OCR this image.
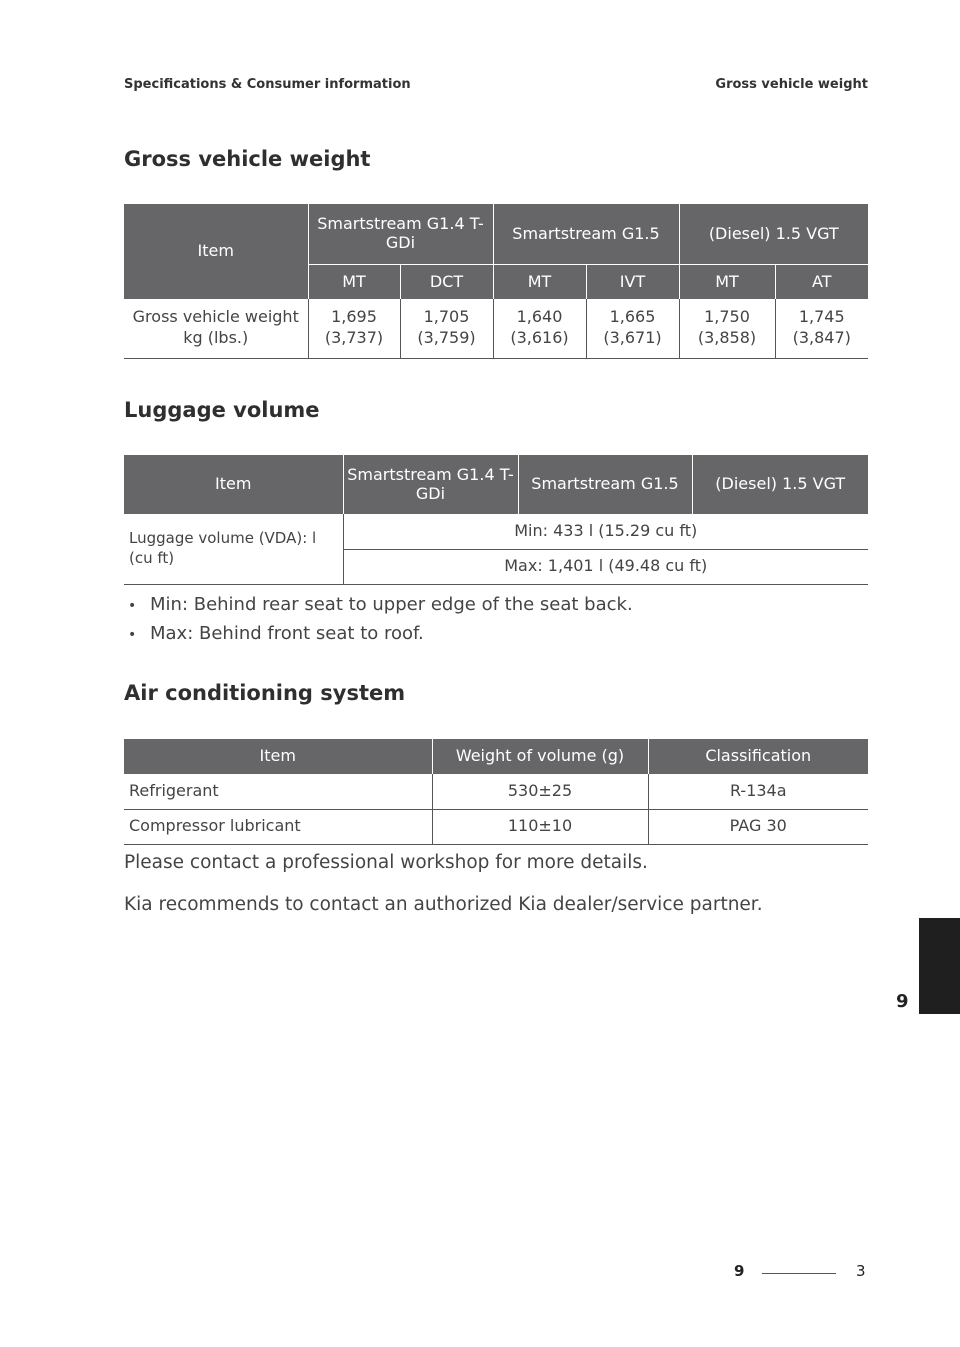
Specifications & Consumer information	Gross vehicle weight
Gross vehicle weight
Item	Smartstream G1.4 T-GDi		Smartstream G1.5		(Diesel) 1.5 VGT	
	MT	DCT	MT	IVT	MT	AT
Gross vehicle weight kg (lbs.)	1,695 (3,737)	1,705 (3,759)	1,640 (3,616)	1,665 (3,671)	1,750 (3,858)	1,745 (3,847)
Luggage volume
Item	Smartstream G1.4 T-GDi	Smartstream G1.5	(Diesel) 1.5 VGT
Luggage volume (VDA): l (cu ft)	Min: 433 l (15.29 cu ft)		
	Max: 1,401 l (49.48 cu ft)		
• Min: Behind rear seat to upper edge of the seat back.
• Max: Behind front seat to roof.
Air conditioning system
Item	Weight of volume (g)	Classification
Refrigerant	530±25	R-134a
Compressor lubricant	110±10	PAG 30

Please contact a professional workshop for more details.

Kia recommends to contact an authorized Kia dealer/service partner.

9
9	3
